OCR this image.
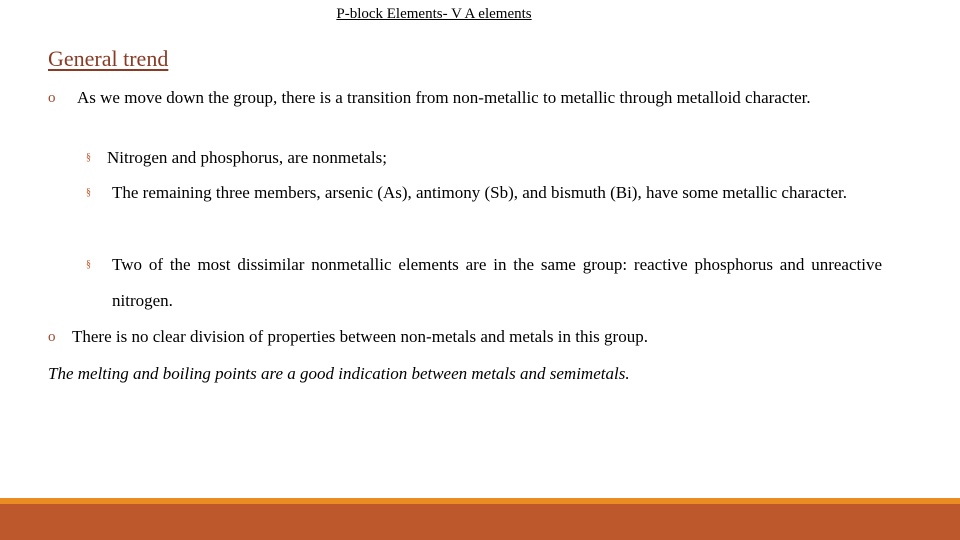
P-block Elements- V A elements
General trend
o	As we move down the group, there is a transition from non-metallic to metallic through metalloid character.
§ Nitrogen and phosphorus, are nonmetals;
§	The remaining three members, arsenic (As), antimony (Sb), and bismuth (Bi), have some metallic character.
§	Two of the most dissimilar nonmetallic elements are in the same group: reactive phosphorus and unreactive nitrogen.
o There is no clear division of properties between non-metals and metals in this group.
The melting and boiling points are a good indication between metals and semimetals.
